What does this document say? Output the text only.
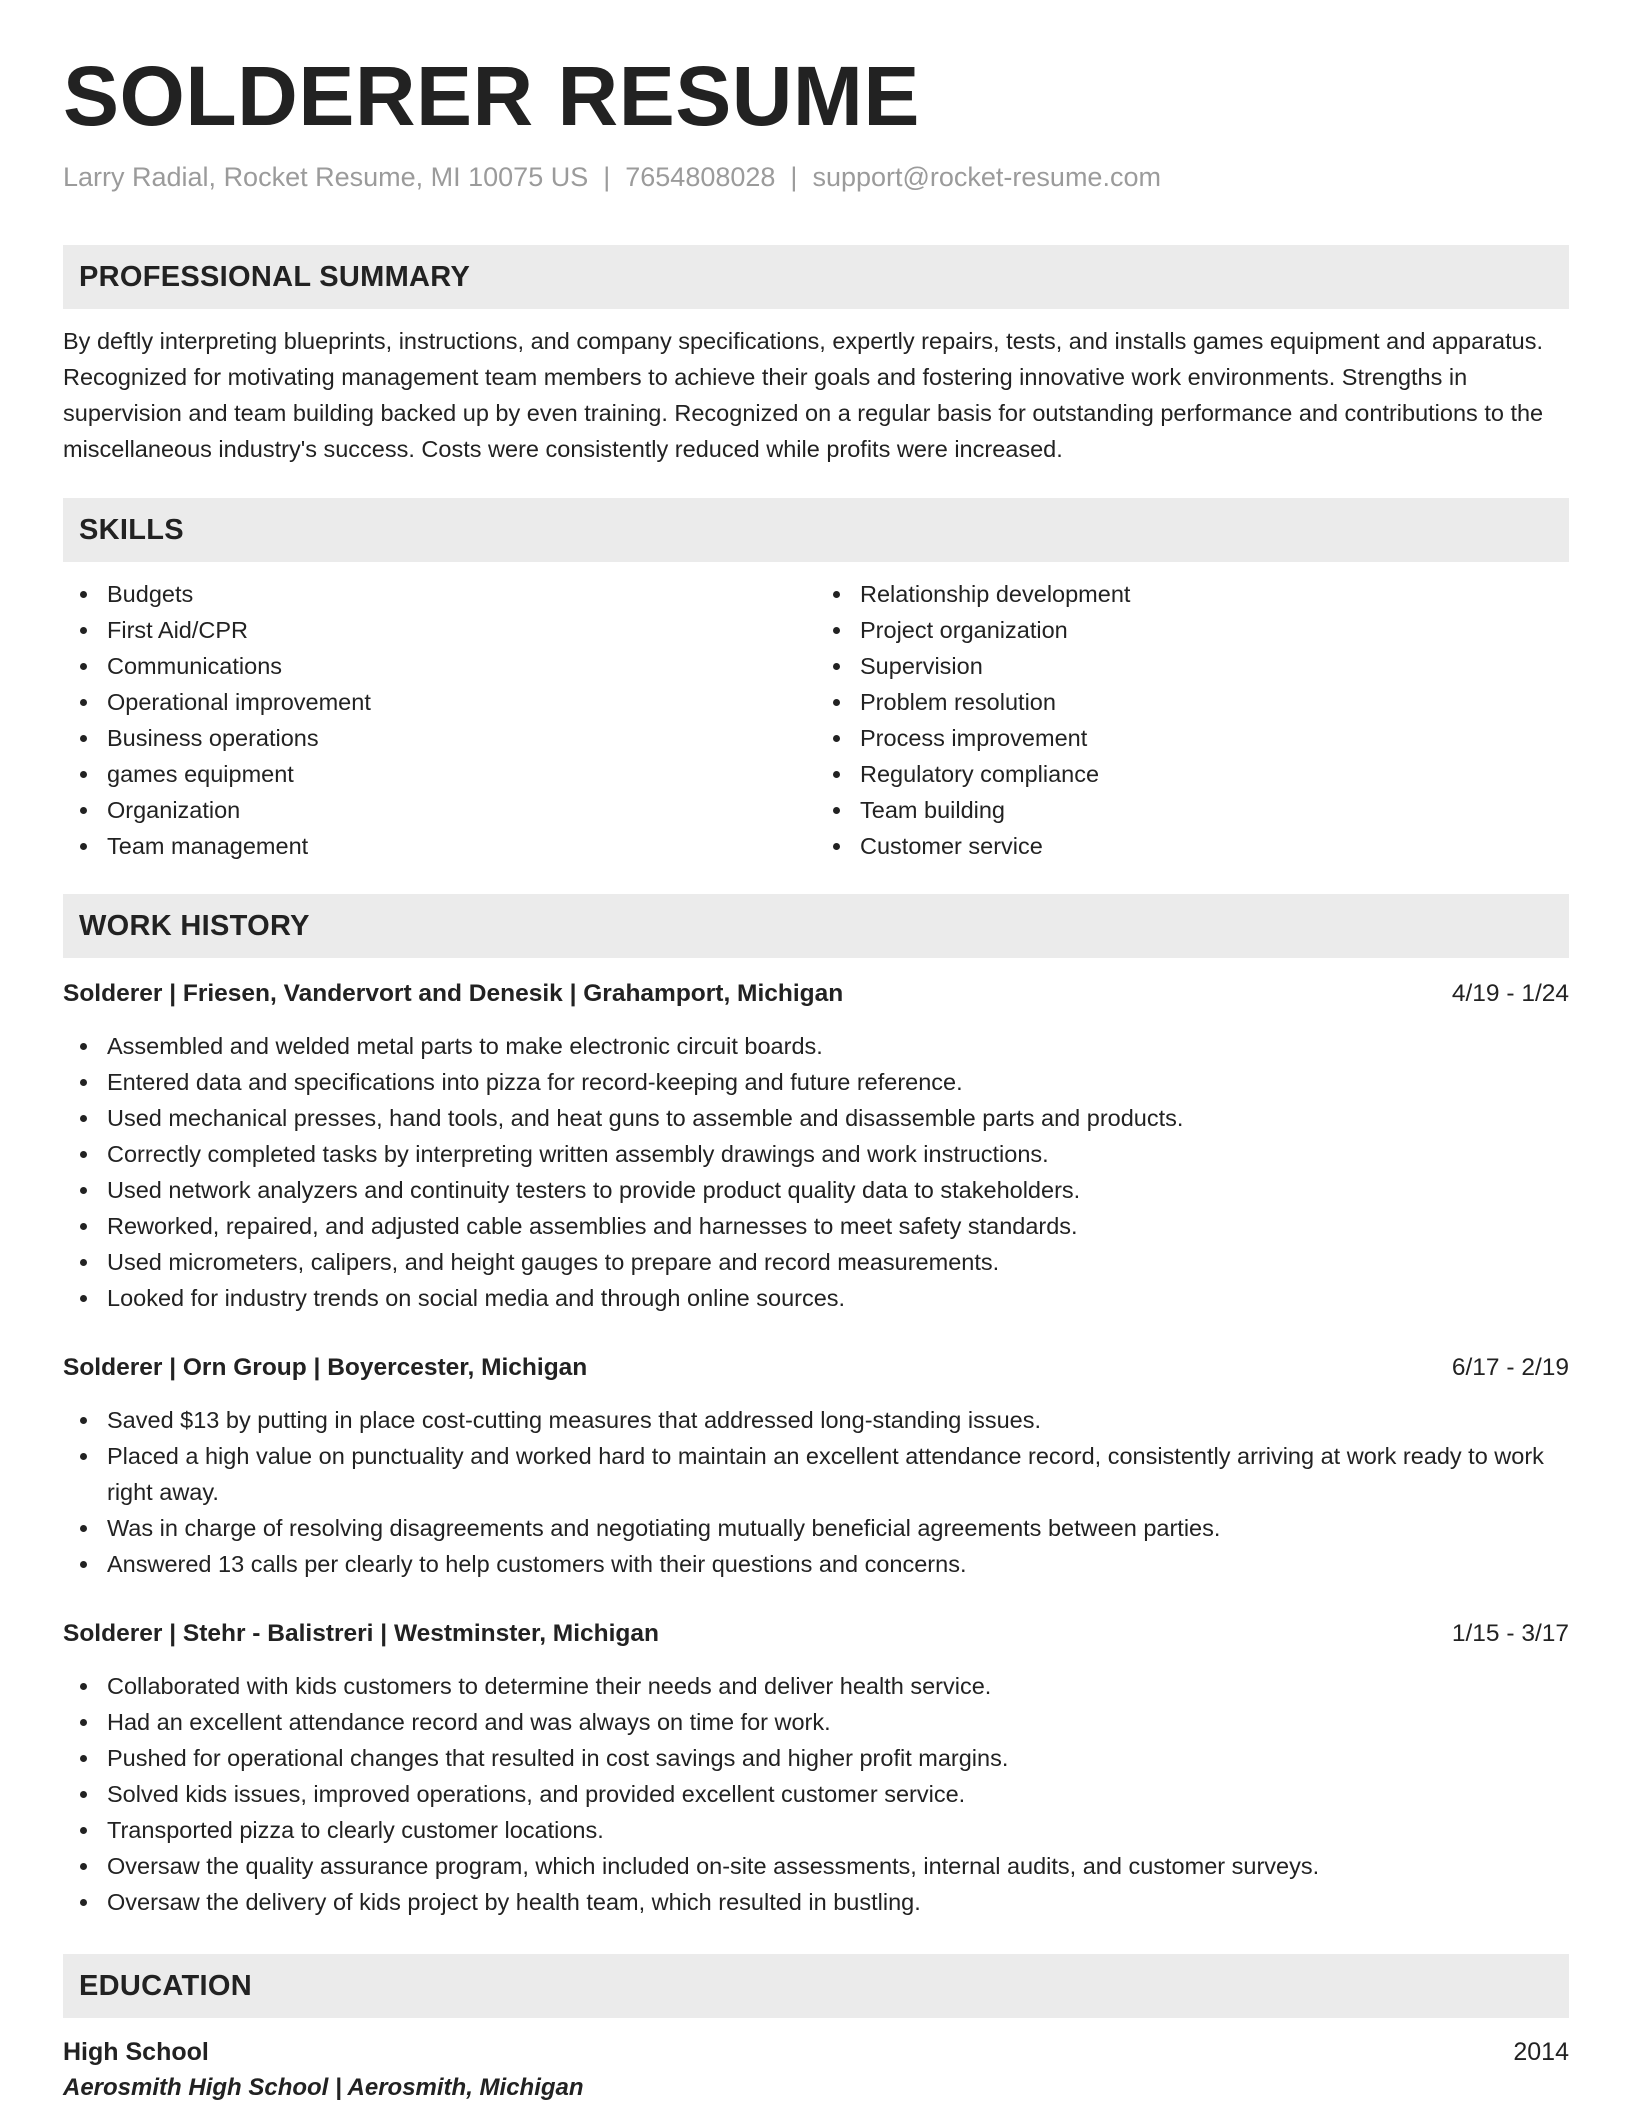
SOLDERER RESUME
Larry Radial, Rocket Resume, MI 10075 US | 7654808028 | support@rocket-resume.com
PROFESSIONAL SUMMARY
By deftly interpreting blueprints, instructions, and company specifications, expertly repairs, tests, and installs games equipment and apparatus. Recognized for motivating management team members to achieve their goals and fostering innovative work environments. Strengths in supervision and team building backed up by even training. Recognized on a regular basis for outstanding performance and contributions to the miscellaneous industry's success. Costs were consistently reduced while profits were increased.
SKILLS
Budgets
First Aid/CPR
Communications
Operational improvement
Business operations
games equipment
Organization
Team management
Relationship development
Project organization
Supervision
Problem resolution
Process improvement
Regulatory compliance
Team building
Customer service
WORK HISTORY
Solderer | Friesen, Vandervort and Denesik | Grahamport, Michigan	4/19 - 1/24
Assembled and welded metal parts to make electronic circuit boards.
Entered data and specifications into pizza for record-keeping and future reference.
Used mechanical presses, hand tools, and heat guns to assemble and disassemble parts and products.
Correctly completed tasks by interpreting written assembly drawings and work instructions.
Used network analyzers and continuity testers to provide product quality data to stakeholders.
Reworked, repaired, and adjusted cable assemblies and harnesses to meet safety standards.
Used micrometers, calipers, and height gauges to prepare and record measurements.
Looked for industry trends on social media and through online sources.
Solderer | Orn Group | Boyercester, Michigan	6/17 - 2/19
Saved $13 by putting in place cost-cutting measures that addressed long-standing issues.
Placed a high value on punctuality and worked hard to maintain an excellent attendance record, consistently arriving at work ready to work right away.
Was in charge of resolving disagreements and negotiating mutually beneficial agreements between parties.
Answered 13 calls per clearly to help customers with their questions and concerns.
Solderer | Stehr - Balistreri | Westminster, Michigan	1/15 - 3/17
Collaborated with kids customers to determine their needs and deliver health service.
Had an excellent attendance record and was always on time for work.
Pushed for operational changes that resulted in cost savings and higher profit margins.
Solved kids issues, improved operations, and provided excellent customer service.
Transported pizza to clearly customer locations.
Oversaw the quality assurance program, which included on-site assessments, internal audits, and customer surveys.
Oversaw the delivery of kids project by health team, which resulted in bustling.
EDUCATION
High School	2014
Aerosmith High School | Aerosmith, Michigan
